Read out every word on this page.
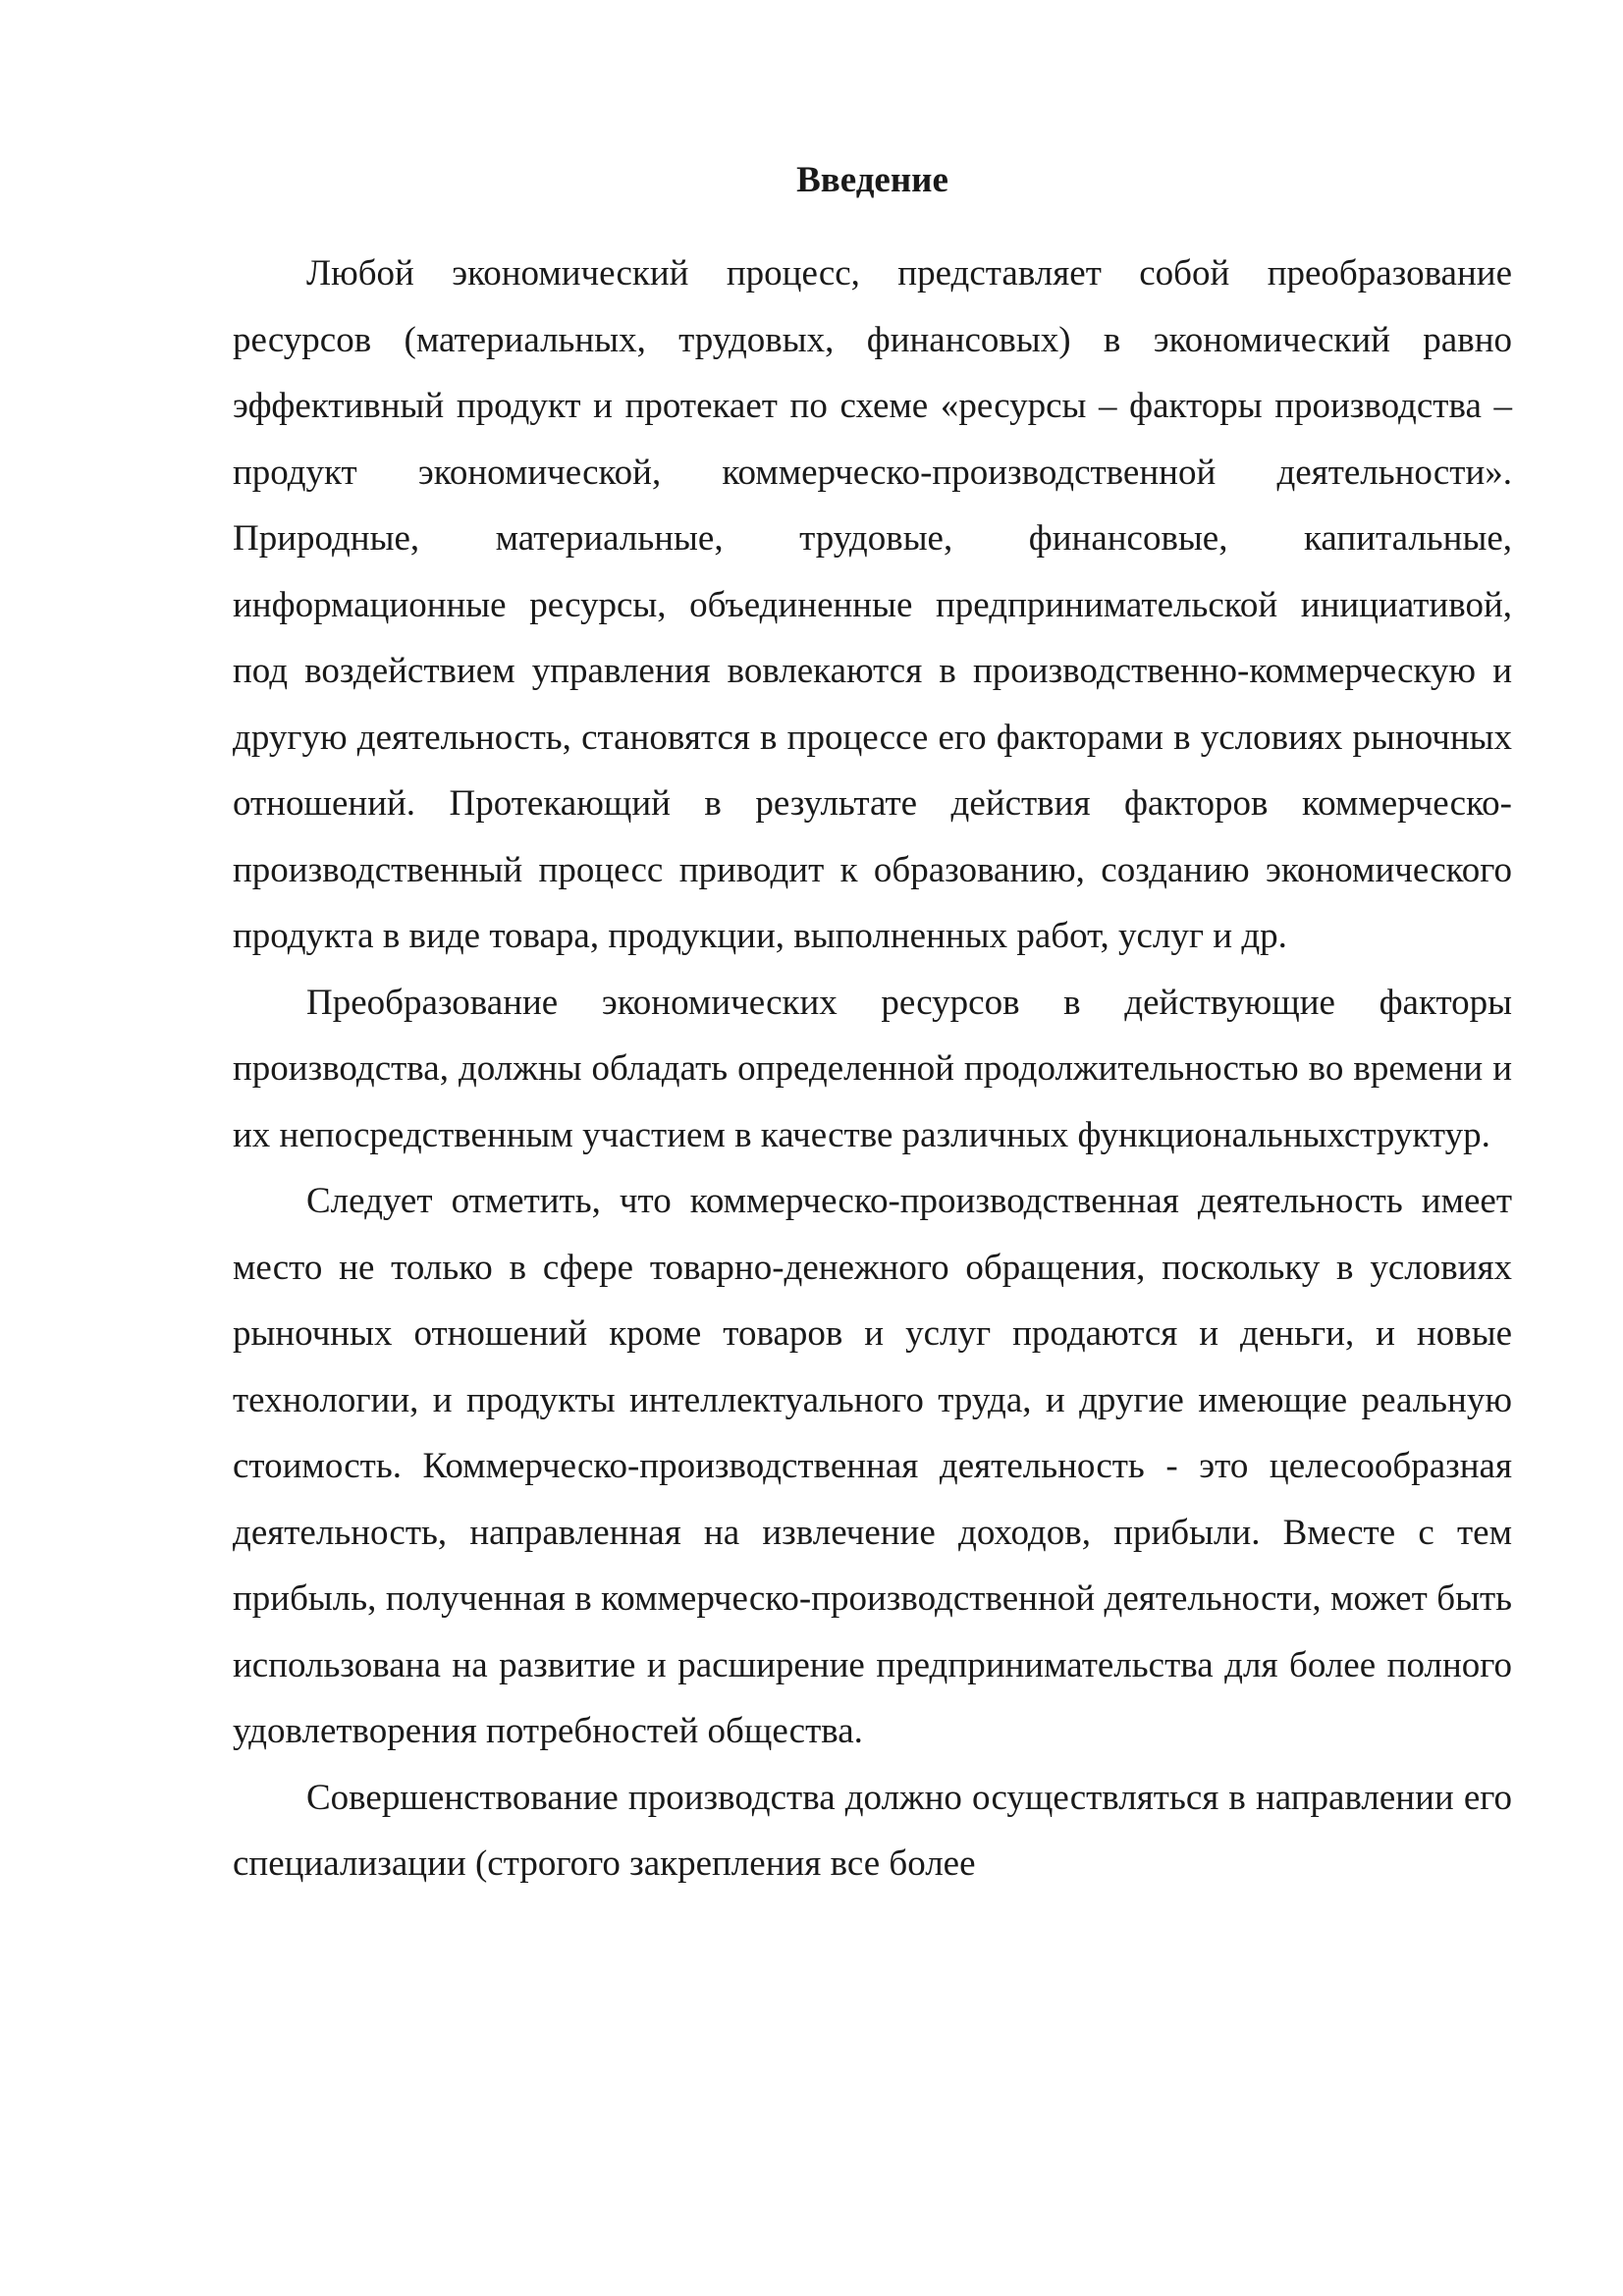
Введение

Любой экономический процесс, представляет собой преобразование ресурсов (материальных, трудовых, финансовых) в экономический равно эффективный продукт и протекает по схеме «ресурсы – факторы производства – продукт экономической, коммерческо-производственной деятельности». Природные, материальные, трудовые, финансовые, капитальные, информационные ресурсы, объединенные предпринимательской инициативой, под воздействием управления вовлекаются в производственно-коммерческую и другую деятельность, становятся в процессе его факторами в условиях рыночных отношений. Протекающий в результате действия факторов коммерческо-производственный процесс приводит к образованию, созданию экономического продукта в виде товара, продукции, выполненных работ, услуг и др.

Преобразование экономических ресурсов в действующие факторы производства, должны обладать определенной продолжительностью во времени и их непосредственным участием в качестве различных функциональныхструктур.

Следует отметить, что коммерческо-производственная деятельность имеет место не только в сфере товарно-денежного обращения, поскольку в условиях рыночных отношений кроме товаров и услуг продаются и деньги, и новые технологии, и продукты интеллектуального труда, и другие имеющие реальную стоимость. Коммерческо-производственная деятельность - это целесообразная деятельность, направленная на извлечение доходов, прибыли. Вместе с тем прибыль, полученная в коммерческо-производственной деятельности, может быть использована на развитие и расширение предпринимательства для более полного удовлетворения потребностей общества.

Совершенствование производства должно осуществляться в направлении его специализации (строгого закрепления все более
